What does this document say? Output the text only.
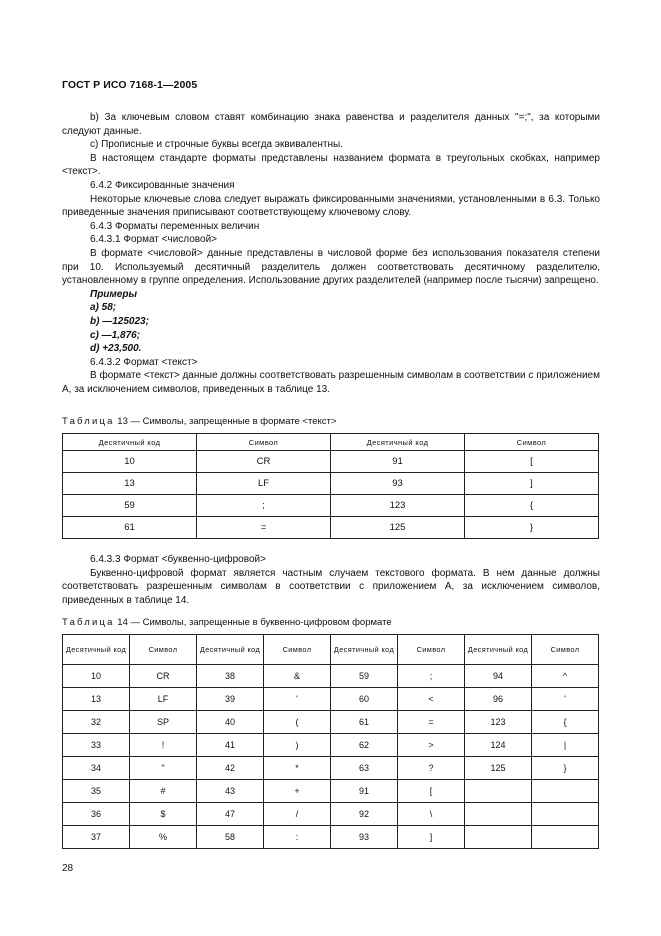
ГОСТ Р ИСО 7168-1—2005

b) За ключевым словом ставят комбинацию знака равенства и разделителя данных "=;", за которыми следуют данные.

c) Прописные и строчные буквы всегда эквивалентны.

В настоящем стандарте форматы представлены названием формата в треугольных скобках, например <текст>.

6.4.2 Фиксированные значения

Некоторые ключевые слова следует выражать фиксированными значениями, установленными в 6.3. Только приведенные значения приписывают соответствующему ключевому слову.

6.4.3 Форматы переменных величин

6.4.3.1 Формат <числовой>

В формате <числовой> данные представлены в числовой форме без использования показателя степени при 10. Используемый десятичный разделитель должен соответствовать десятичному разделителю, установленному в группе определения. Использование других разделителей (например после тысячи) запрещено.

Примеры

a) 58;

b) —125023;

c) —1,876;

d) +23,500.

6.4.3.2 Формат <текст>

В формате <текст> данные должны соответствовать разрешенным символам в соответствии с приложением А, за исключением символов, приведенных в таблице 13.

Таблица 13 — Символы, запрещенные в формате <текст>
Десятичный код	Символ	Десятичный код	Символ
10	CR	91	[
13	LF	93	]
59	;	123	{
61	=	125	}

6.4.3.3 Формат <буквенно-цифровой>

Буквенно-цифровой формат является частным случаем текстового формата. В нем данные должны соответствовать разрешенным символам в соответствии с приложением А, за исключением символов, приведенных в таблице 14.

Таблица 14 — Символы, запрещенные в буквенно-цифровом формате
Десятичный код	Символ	Десятичный код	Символ	Десятичный код	Символ	Десятичный код	Символ
10	CR	38	&	59	;	94	^
13	LF	39	'	60	<	96	'
32	SP	40	(	61	=	123	{
33	!	41	)	62	>	124	|
34	"	42	*	63	?	125	}
35	#	43	+	91	[		
36	$	47	/	92	\		
37	%	58	:	93	]		
28
